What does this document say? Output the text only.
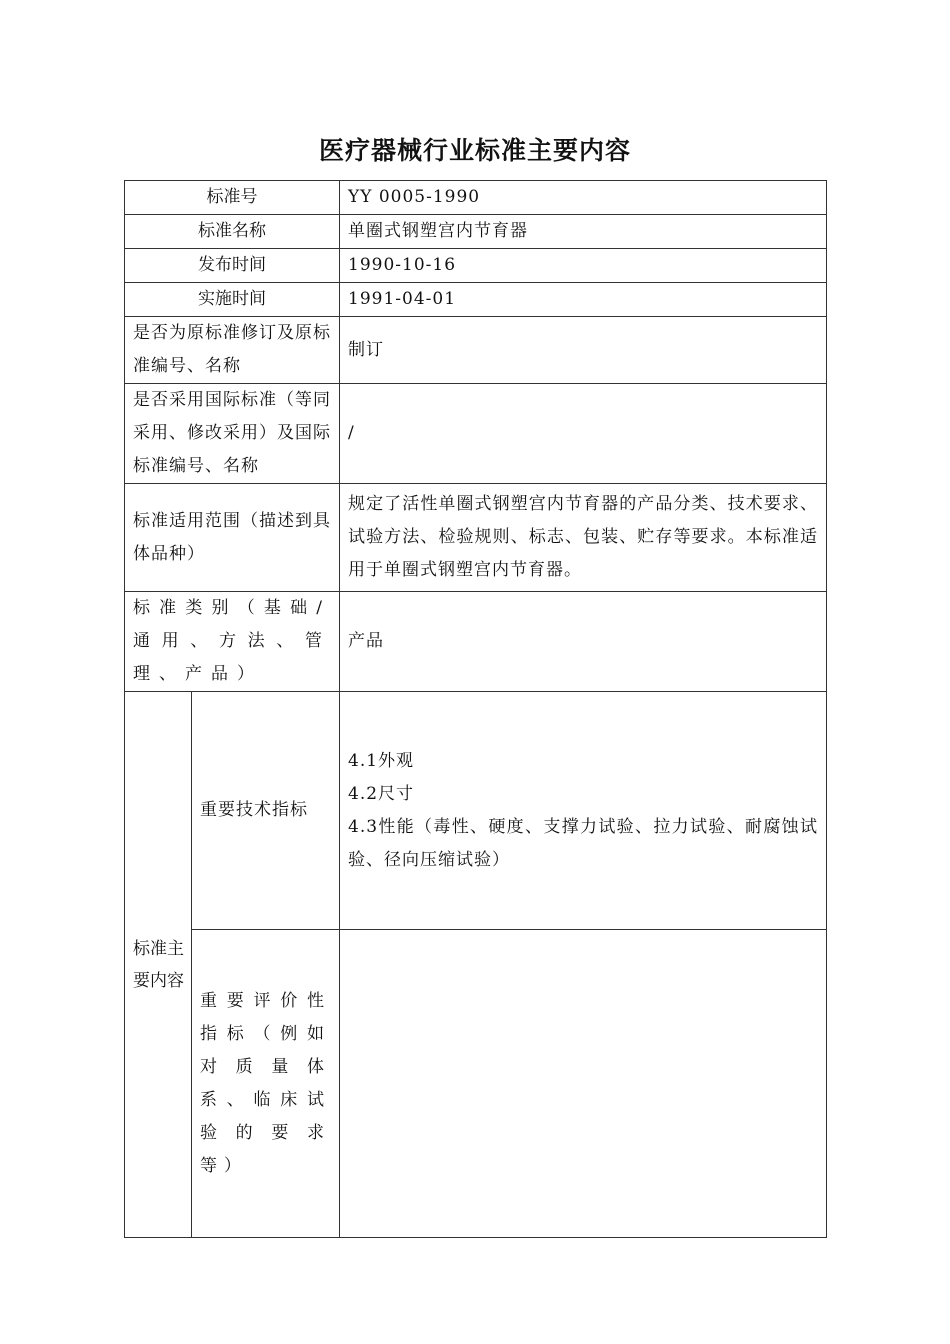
医疗器械行业标准主要内容
标准号		YY 0005-1990
标准名称		单圈式钢塑宫内节育器
发布时间		1990-10-16
实施时间		1991-04-01
是否为原标准修订及原标准编号、名称		制订
是否采用国际标准（等同采用、修改采用）及国际标准编号、名称		/
标准适用范围（描述到具体品种）		规定了活性单圈式钢塑宫内节育器的产品分类、技术要求、试验方法、检验规则、标志、包装、贮存等要求。本标准适用于单圈式钢塑宫内节育器。
标准类别（基础/通用、方法、管理、产品）		产品

标准主要内容	重要技术指标	4.1外观
4.2尺寸
4.3性能（毒性、硬度、支撑力试验、拉力试验、耐腐蚀试验、径向压缩试验）

	重要评价性指标（例如对质量体系、临床试验的要求等）	
